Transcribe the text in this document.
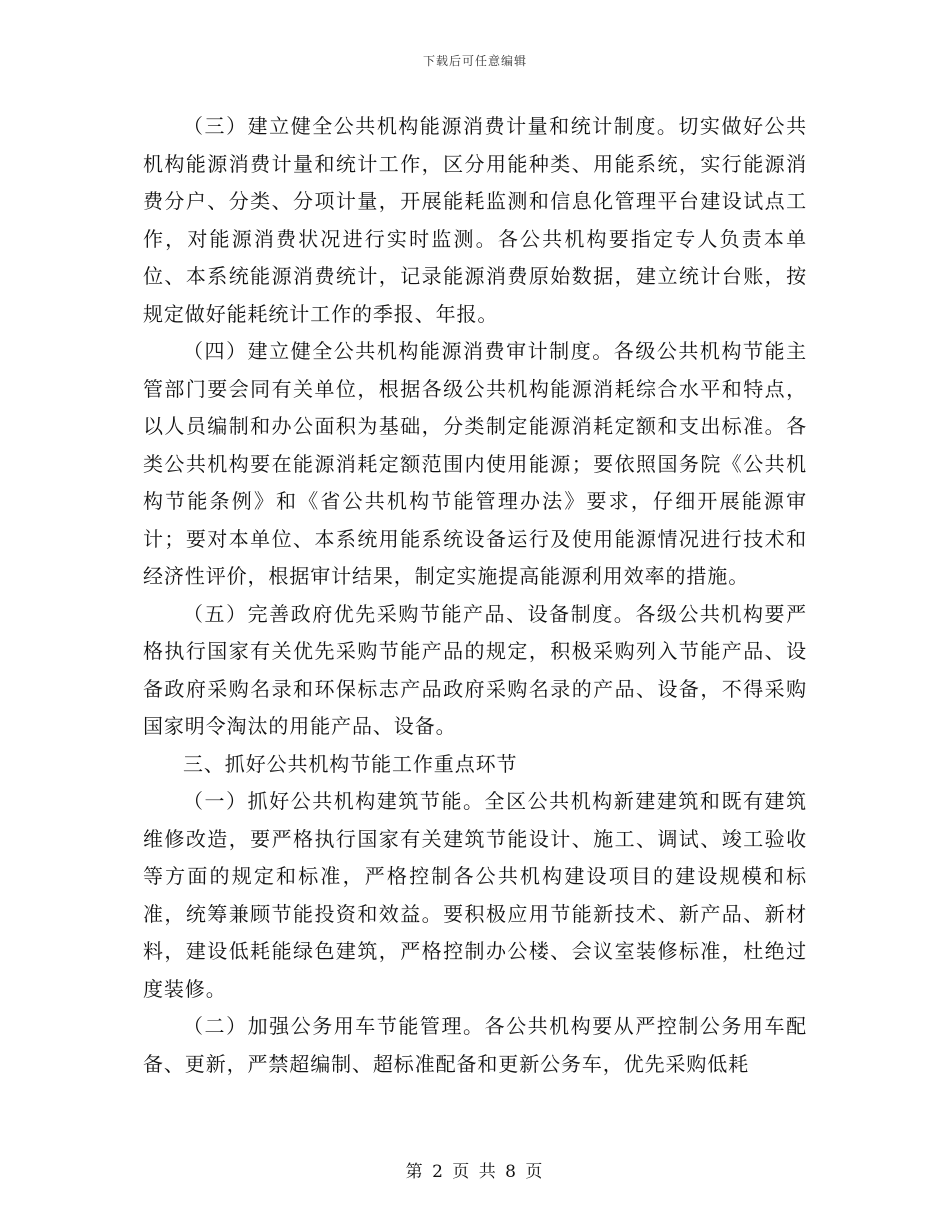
下载后可任意编辑

（三）建立健全公共机构能源消费计量和统计制度。切实做好公共机构能源消费计量和统计工作，区分用能种类、用能系统，实行能源消费分户、分类、分项计量，开展能耗监测和信息化管理平台建设试点工作，对能源消费状况进行实时监测。各公共机构要指定专人负责本单位、本系统能源消费统计，记录能源消费原始数据，建立统计台账，按规定做好能耗统计工作的季报、年报。

（四）建立健全公共机构能源消费审计制度。各级公共机构节能主管部门要会同有关单位，根据各级公共机构能源消耗综合水平和特点，以人员编制和办公面积为基础，分类制定能源消耗定额和支出标准。各类公共机构要在能源消耗定额范围内使用能源；要依照国务院《公共机构节能条例》和《省公共机构节能管理办法》要求，仔细开展能源审计；要对本单位、本系统用能系统设备运行及使用能源情况进行技术和经济性评价，根据审计结果，制定实施提高能源利用效率的措施。

（五）完善政府优先采购节能产品、设备制度。各级公共机构要严格执行国家有关优先采购节能产品的规定，积极采购列入节能产品、设备政府采购名录和环保标志产品政府采购名录的产品、设备，不得采购国家明令淘汰的用能产品、设备。

三、抓好公共机构节能工作重点环节

（一）抓好公共机构建筑节能。全区公共机构新建建筑和既有建筑维修改造，要严格执行国家有关建筑节能设计、施工、调试、竣工验收等方面的规定和标准，严格控制各公共机构建设项目的建设规模和标准，统筹兼顾节能投资和效益。要积极应用节能新技术、新产品、新材料，建设低耗能绿色建筑，严格控制办公楼、会议室装修标准，杜绝过度装修。

（二）加强公务用车节能管理。各公共机构要从严控制公务用车配备、更新，严禁超编制、超标准配备和更新公务车，优先采购低耗

第 2 页 共 8 页
